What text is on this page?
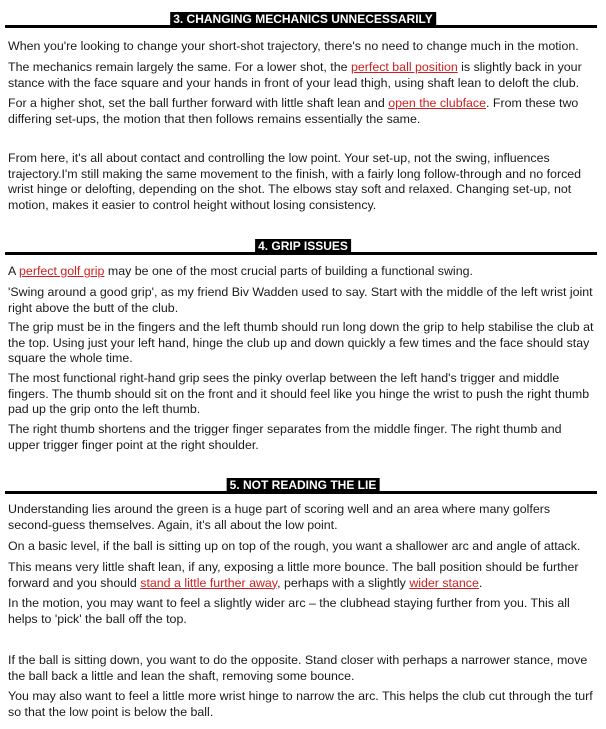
3. CHANGING MECHANICS UNNECESSARILY

When you're looking to change your short-shot trajectory, there's no need to change much in the motion.

The mechanics remain largely the same. For a lower shot, the perfect ball position is slightly back in your stance with the face square and your hands in front of your lead thigh, using shaft lean to deloft the club.

For a higher shot, set the ball further forward with little shaft lean and open the clubface. From these two differing set-ups, the motion that then follows remains essentially the same.

From here, it's all about contact and controlling the low point. Your set-up, not the swing, influences trajectory.I'm still making the same movement to the finish, with a fairly long follow-through and no forced wrist hinge or delofting, depending on the shot. The elbows stay soft and relaxed. Changing set-up, not motion, makes it easier to control height without losing consistency.

4. GRIP ISSUES

A perfect golf grip may be one of the most crucial parts of building a functional swing.

'Swing around a good grip', as my friend Biv Wadden used to say. Start with the middle of the left wrist joint right above the butt of the club.

The grip must be in the fingers and the left thumb should run long down the grip to help stabilise the club at the top. Using just your left hand, hinge the club up and down quickly a few times and the face should stay square the whole time.

The most functional right-hand grip sees the pinky overlap between the left hand's trigger and middle fingers. The thumb should sit on the front and it should feel like you hinge the wrist to push the right thumb pad up the grip onto the left thumb.

The right thumb shortens and the trigger finger separates from the middle finger. The right thumb and upper trigger finger point at the right shoulder.

5. NOT READING THE LIE

Understanding lies around the green is a huge part of scoring well and an area where many golfers second-guess themselves. Again, it's all about the low point.

On a basic level, if the ball is sitting up on top of the rough, you want a shallower arc and angle of attack.

This means very little shaft lean, if any, exposing a little more bounce. The ball position should be further forward and you should stand a little further away, perhaps with a slightly wider stance.

In the motion, you may want to feel a slightly wider arc – the clubhead staying further from you. This all helps to 'pick' the ball off the top.

If the ball is sitting down, you want to do the opposite. Stand closer with perhaps a narrower stance, move the ball back a little and lean the shaft, removing some bounce.

You may also want to feel a little more wrist hinge to narrow the arc. This helps the club cut through the turf so that the low point is below the ball.
